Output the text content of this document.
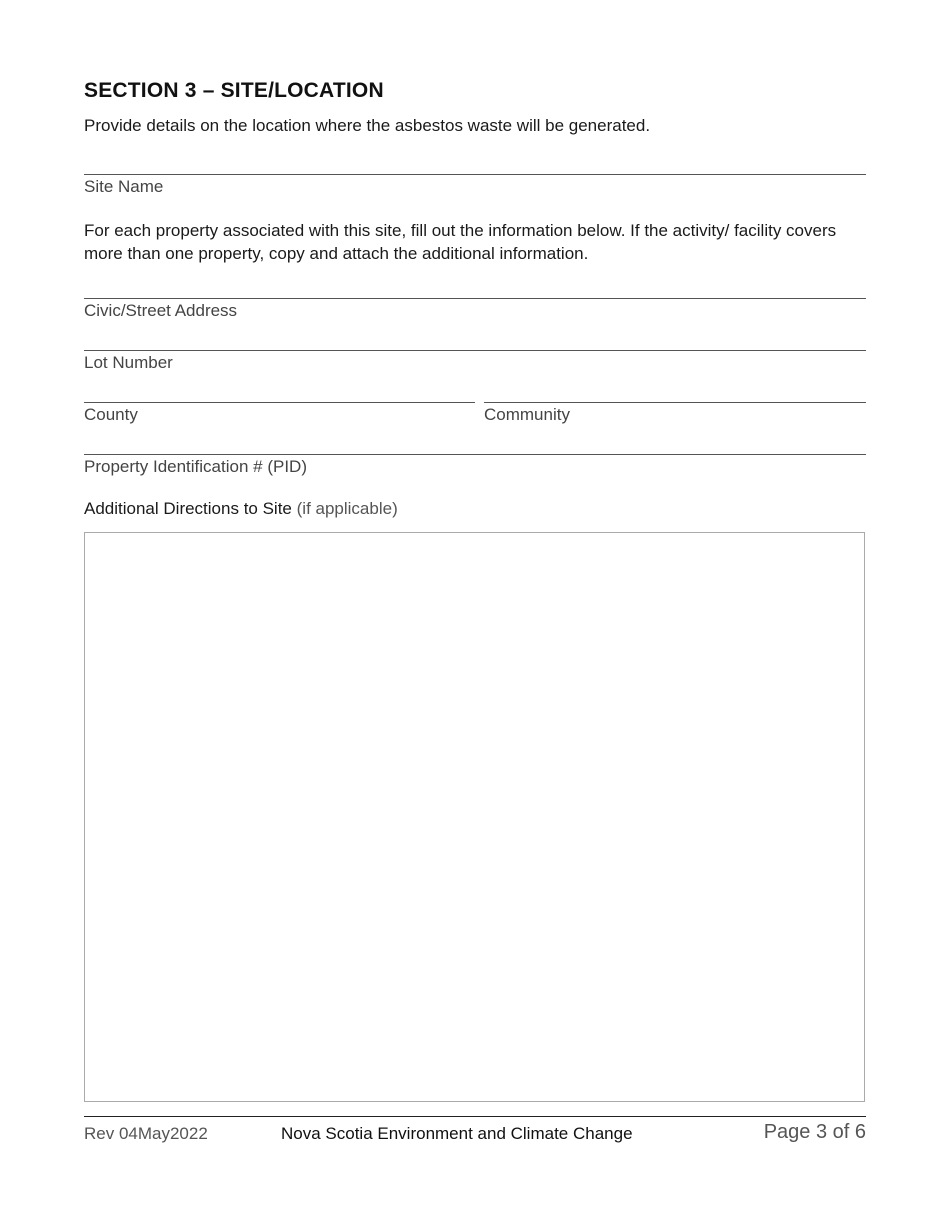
SECTION 3 – SITE/LOCATION

Provide details on the location where the asbestos waste will be generated.

Site Name

For each property associated with this site, fill out the information below. If the activity/ facility covers more than one property, copy and attach the additional information.

Civic/Street Address
Lot Number
County	Community
Property Identification # (PID)
Additional Directions to Site (if applicable)
Rev 04May2022	Nova Scotia Environment and Climate Change	Page 3 of 6
